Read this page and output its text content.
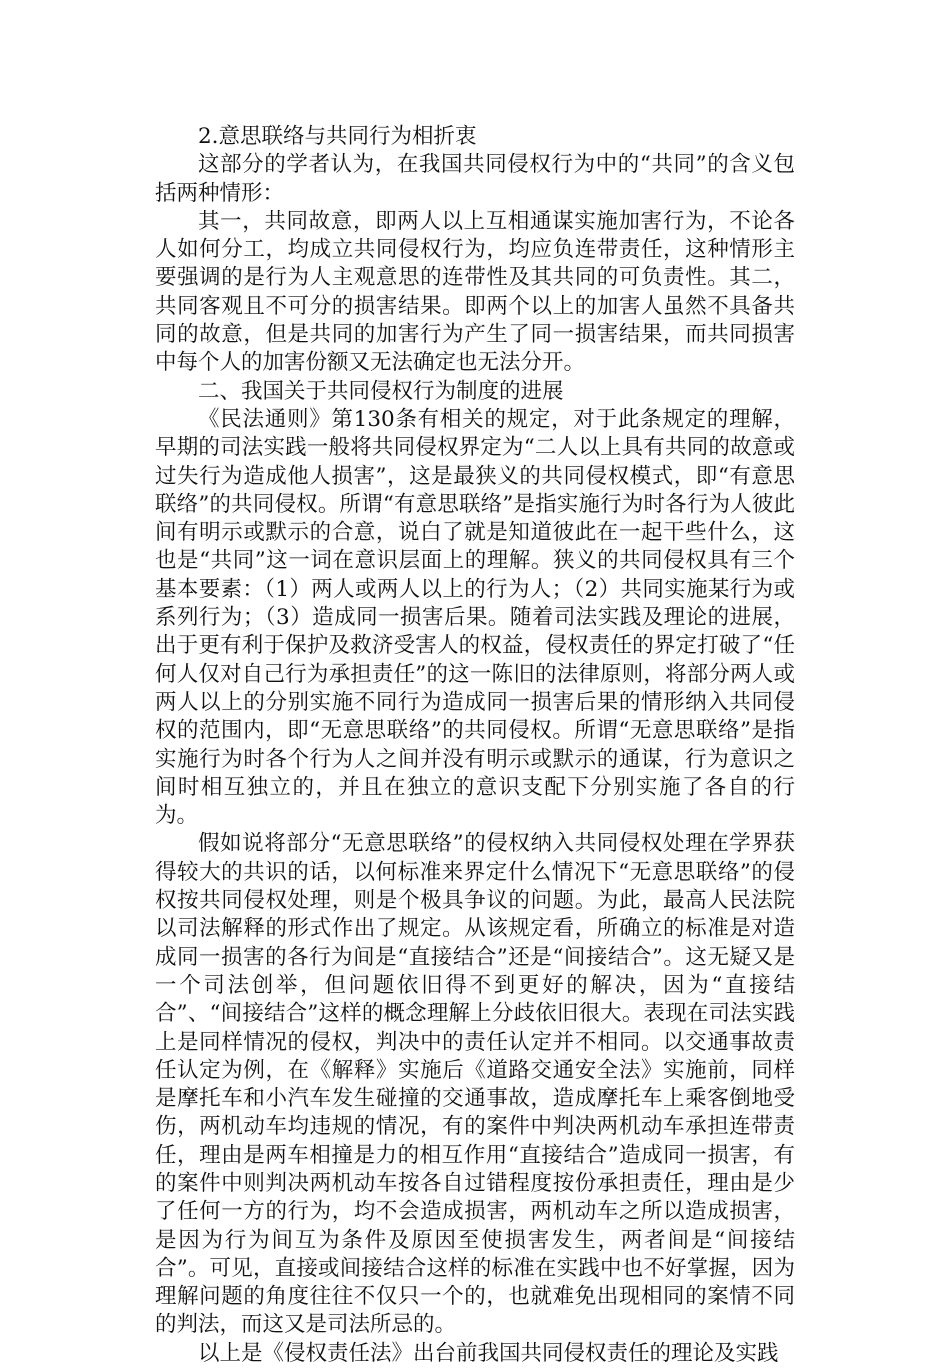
2.意思联络与共同行为相折衷

这部分的学者认为，在我国共同侵权行为中的“共同”的含义包括两种情形：

其一，共同故意，即两人以上互相通谋实施加害行为，不论各人如何分工，均成立共同侵权行为，均应负连带责任，这种情形主要强调的是行为人主观意思的连带性及其共同的可负责性。其二，共同客观且不可分的损害结果。即两个以上的加害人虽然不具备共同的故意，但是共同的加害行为产生了同一损害结果，而共同损害中每个人的加害份额又无法确定也无法分开。

二、我国关于共同侵权行为制度的进展

《民法通则》第130条有相关的规定，对于此条规定的理解，早期的司法实践一般将共同侵权界定为“二人以上具有共同的故意或过失行为造成他人损害”，这是最狭义的共同侵权模式，即“有意思联络”的共同侵权。所谓“有意思联络”是指实施行为时各行为人彼此间有明示或默示的合意，说白了就是知道彼此在一起干些什么，这也是“共同”这一词在意识层面上的理解。狭义的共同侵权具有三个基本要素：（1）两人或两人以上的行为人；（2）共同实施某行为或系列行为；（3）造成同一损害后果。随着司法实践及理论的进展，出于更有利于保护及救济受害人的权益，侵权责任的界定打破了“任何人仅对自己行为承担责任”的这一陈旧的法律原则，将部分两人或两人以上的分别实施不同行为造成同一损害后果的情形纳入共同侵权的范围内，即“无意思联络”的共同侵权。所谓“无意思联络”是指实施行为时各个行为人之间并没有明示或默示的通谋，行为意识之间时相互独立的，并且在独立的意识支配下分别实施了各自的行为。

假如说将部分“无意思联络”的侵权纳入共同侵权处理在学界获得较大的共识的话，以何标准来界定什么情况下“无意思联络”的侵权按共同侵权处理，则是个极具争议的问题。为此，最高人民法院以司法解释的形式作出了规定。从该规定看，所确立的标准是对造成同一损害的各行为间是“直接结合”还是“间接结合”。这无疑又是一个司法创举，但问题依旧得不到更好的解决，因为“直接结合”、“间接结合”这样的概念理解上分歧依旧很大。表现在司法实践上是同样情况的侵权，判决中的责任认定并不相同。以交通事故责任认定为例，在《解释》实施后《道路交通安全法》实施前，同样是摩托车和小汽车发生碰撞的交通事故，造成摩托车上乘客倒地受伤，两机动车均违规的情况，有的案件中判决两机动车承担连带责任，理由是两车相撞是力的相互作用“直接结合”造成同一损害，有的案件中则判决两机动车按各自过错程度按份承担责任，理由是少了任何一方的行为，均不会造成损害，两机动车之所以造成损害，是因为行为间互为条件及原因至使损害发生，两者间是“间接结合”。可见，直接或间接结合这样的标准在实践中也不好掌握，因为理解问题的角度往往不仅只一个的，也就难免出现相同的案情不同的判法，而这又是司法所忌的。

以上是《侵权责任法》出台前我国共同侵权责任的理论及实践
